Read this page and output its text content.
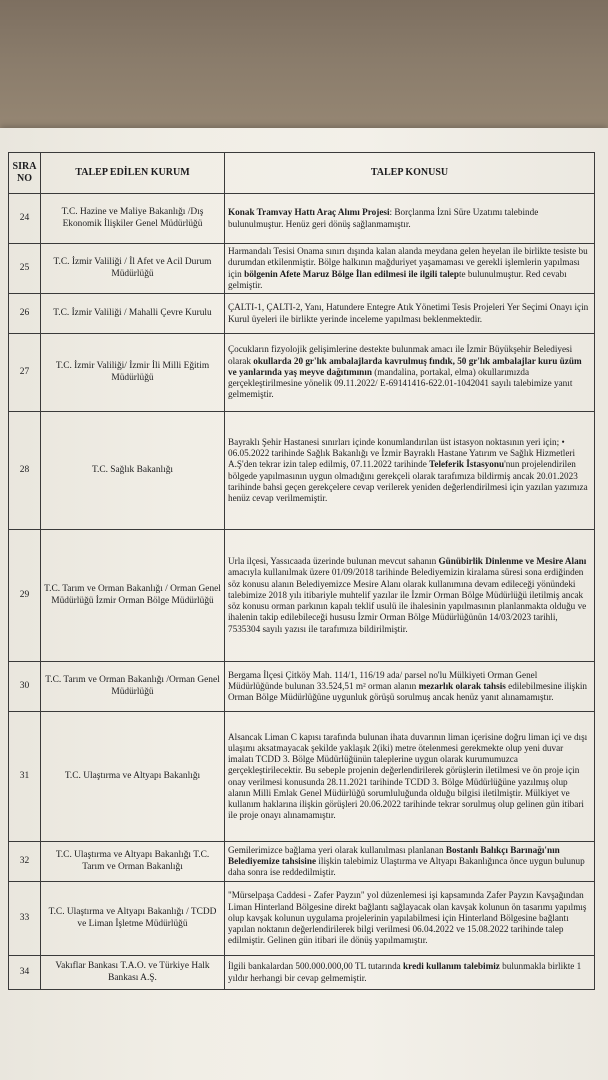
SIRA NO	TALEP EDİLEN KURUM	TALEP KONUSU
24	T.C. Hazine ve Maliye Bakanlığı /Dış Ekonomik İlişkiler Genel Müdürlüğü	Konak Tramvay Hattı Araç Alımı Projesi: Borçlanma İzni Süre Uzatımı talebinde bulunulmuştur. Henüz geri dönüş sağlanmamıştır.
25	T.C. İzmir Valiliği / İl Afet ve Acil Durum Müdürlüğü	Harmandalı Tesisi Onama sınırı dışında kalan alanda meydana gelen heyelan ile birlikte tesiste bu durumdan etkilenmiştir. Bölge halkının mağduriyet yaşamaması ve gerekli işlemlerin yapılması için bölgenin Afete Maruz Bölge İlan edilmesi ile ilgili talepte bulunulmuştur. Red cevabı gelmiştir.
26	T.C. İzmir Valiliği / Mahalli Çevre Kurulu	ÇALTI-1, ÇALTI-2, Yanı, Hatundere Entegre Atık Yönetimi Tesis Projeleri Yer Seçimi Onayı için Kurul üyeleri ile birlikte yerinde inceleme yapılması beklenmektedir.
27	T.C. İzmir Valiliği/ İzmir İli Milli Eğitim Müdürlüğü	Çocukların fizyolojik gelişimlerine destekte bulunmak amacı ile İzmir Büyükşehir Belediyesi olarak okullarda 20 gr'lık ambalajlarda kavrulmuş fındık, 50 gr'lık ambalajlar kuru üzüm ve yanlarında yaş meyve dağıtımının (mandalina, portakal, elma) okullarımızda gerçekleştirilmesine yönelik 09.11.2022/ E-69141416-622.01-1042041 sayılı talebimize yanıt gelmemiştir.
28	T.C. Sağlık Bakanlığı	Bayraklı Şehir Hastanesi sınırları içinde konumlandırılan üst istasyon noktasının yeri için; • 06.05.2022 tarihinde Sağlık Bakanlığı ve İzmir Bayraklı Hastane Yatırım ve Sağlık Hizmetleri A.Ş'den tekrar izin talep edilmiş, 07.11.2022 tarihinde Teleferik İstasyonu'nun projelendirilen bölgede yapılmasının uygun olmadığını gerekçeli olarak tarafımıza bildirmiş ancak 20.01.2023 tarihinde bahsi geçen gerekçelere cevap verilerek yeniden değerlendirilmesi için yazılan yazımıza henüz cevap verilmemiştir.
29	T.C. Tarım ve Orman Bakanlığı / Orman Genel Müdürlüğü İzmir Orman Bölge Müdürlüğü	Urla ilçesi, Yassıcaada üzerinde bulunan mevcut sahanın Günübirlik Dinlenme ve Mesire Alanı amacıyla kullanılmak üzere 01/09/2018 tarihinde Belediyemizin kiralama süresi sona erdiğinden söz konusu alanın Belediyemizce Mesire Alanı olarak kullanımına devam edileceği yönündeki talebimize 2018 yılı itibariyle muhtelif yazılar ile İzmir Orman Bölge Müdürlüğü iletilmiş ancak söz konusu orman parkının kapalı teklif usulü ile ihalesinin yapılmasının planlanmakta olduğu ve ihalenin takip edilebileceği hususu İzmir Orman Bölge Müdürlüğünün 14/03/2023 tarihli, 7535304 sayılı yazısı ile tarafımıza bildirilmiştir.
30	T.C. Tarım ve Orman Bakanlığı /Orman Genel Müdürlüğü	Bergama İlçesi Çitköy Mah. 114/1, 116/19 ada/ parsel no'lu Mülkiyeti Orman Genel Müdürlüğünde bulunan 33.524,51 m² orman alanın mezarlık olarak tahsis edilebilmesine ilişkin Orman Bölge Müdürlüğüne uygunluk görüşü sorulmuş ancak henüz yanıt alınamamıştır.
31	T.C. Ulaştırma ve Altyapı Bakanlığı	Alsancak Liman C kapısı tarafında bulunan ihata duvarının liman içerisine doğru liman içi ve dışı ulaşımı aksatmayacak şekilde yaklaşık 2(iki) metre ötelenmesi gerekmekte olup yeni duvar imalatı TCDD 3. Bölge Müdürlüğünün taleplerine uygun olarak kurumumuzca gerçekleştirilecektir. Bu sebeple projenin değerlendirilerek görüşlerin iletilmesi ve ön proje için onay verilmesi konusunda 28.11.2021 tarihinde TCDD 3. Bölge Müdürlüğüne yazılmış olup alanın Milli Emlak Genel Müdürlüğü sorumluluğunda olduğu bilgisi iletilmiştir. Mülkiyet ve kullanım haklarına ilişkin görüşleri 20.06.2022 tarihinde tekrar sorulmuş olup gelinen gün itibari ile proje onayı alınamamıştır.
32	T.C. Ulaştırma ve Altyapı Bakanlığı T.C. Tarım ve Orman Bakanlığı	Gemilerimizce bağlama yeri olarak kullanılması planlanan Bostanlı Balıkçı Barınağı'nın Belediyemize tahsisine ilişkin talebimiz Ulaştırma ve Altyapı Bakanlığınca önce uygun bulunup daha sonra ise reddedilmiştir.
33	T.C. Ulaştırma ve Altyapı Bakanlığı / TCDD ve Liman İşletme Müdürlüğü	"Mürselpaşa Caddesi - Zafer Payzın" yol düzenlemesi işi kapsamında Zafer Payzın Kavşağından Liman Hinterland Bölgesine direkt bağlantı sağlayacak olan kavşak kolunun ön tasarımı yapılmış olup kavşak kolunun uygulama projelerinin yapılabilmesi için Hinterland Bölgesine bağlantı yapılan noktanın değerlendirilerek bilgi verilmesi 06.04.2022 ve 15.08.2022 tarihinde talep edilmiştir. Gelinen gün itibari ile dönüş yapılmamıştır.
34	Vakıflar Bankası T.A.O. ve Türkiye Halk Bankası A.Ş.	İlgili bankalardan 500.000.000,00 TL tutarında kredi kullanım talebimiz bulunmakla birlikte 1 yıldır herhangi bir cevap gelmemiştir.
